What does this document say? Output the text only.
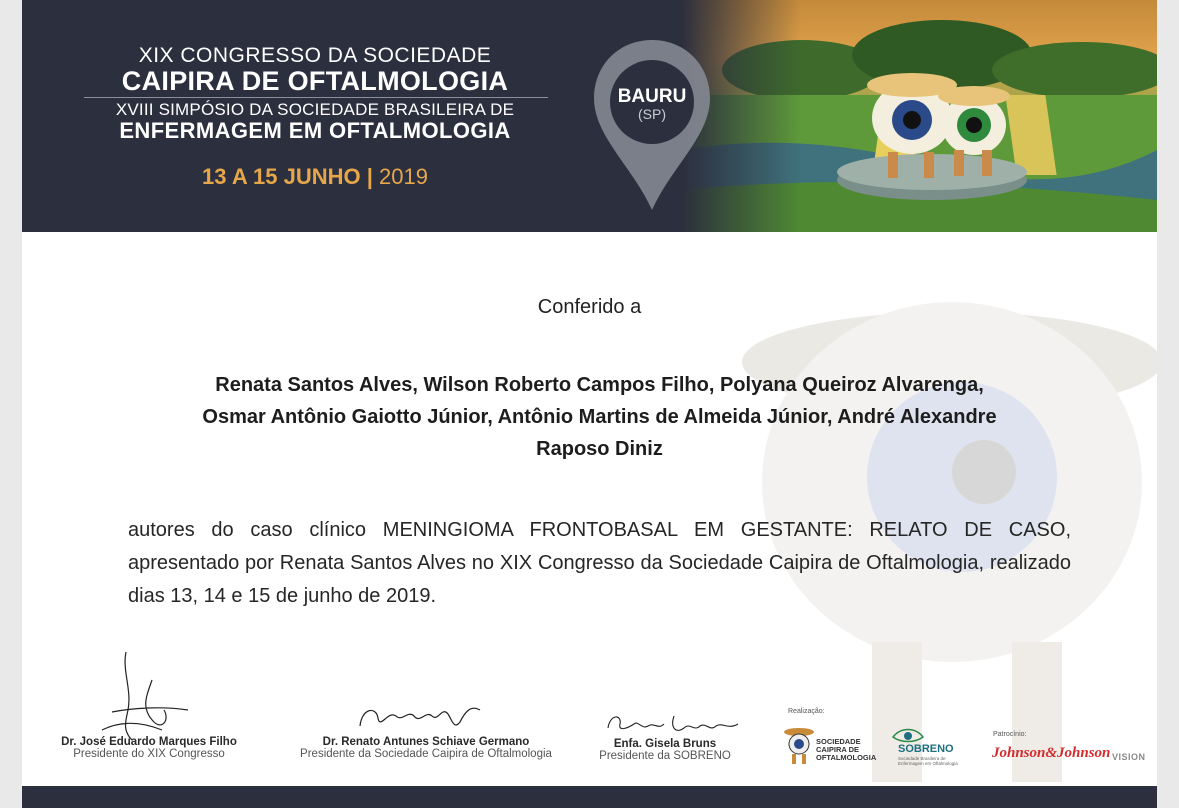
XIX CONGRESSO DA SOCIEDADE
CAIPIRA DE OFTALMOLOGIA
XVIII SIMPÓSIO DA SOCIEDADE BRASILEIRA DE
ENFERMAGEM EM OFTALMOLOGIA
13 A 15 JUNHO | 2019
BAURU
(SP)
Conferido a
Renata Santos Alves, Wilson Roberto Campos Filho, Polyana Queiroz Alvarenga,
Osmar Antônio Gaiotto Júnior, Antônio Martins de Almeida Júnior, André Alexandre
Raposo Diniz
autores do caso clínico MENINGIOMA FRONTOBASAL EM GESTANTE: RELATO DE CASO, apresentado por Renata Santos Alves no XIX Congresso da Sociedade Caipira de Oftalmologia, realizado dias 13, 14 e 15 de junho de 2019.
Dr. José Eduardo Marques Filho
Presidente do XIX Congresso
Dr. Renato Antunes Schiave Germano
Presidente da Sociedade Caipira de Oftalmologia
Enfa. Gisela Bruns
Presidente da SOBRENO
Realização:
SOCIEDADE
CAIPIRA DE
OFTALMOLOGIA
SOBRENO
Sociedade Brasileira de Enfermagem em Oftalmologia
Patrocínio:
Johnson&Johnson VISION
